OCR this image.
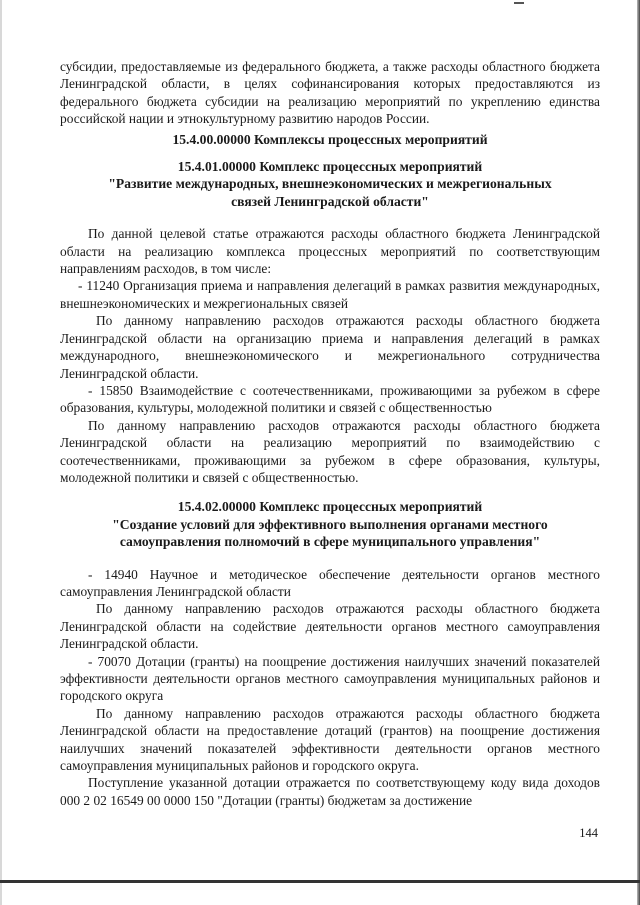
субсидии, предоставляемые из федерального бюджета, а также расходы областного бюджета Ленинградской области, в целях софинансирования которых предоставляются из федерального бюджета субсидии на реализацию мероприятий по укреплению единства российской нации и этнокультурному развитию народов России.

15.4.00.00000 Комплексы процессных мероприятий
15.4.01.00000 Комплекс процессных мероприятий
"Развитие международных, внешнеэкономических и межрегиональных
связей Ленинградской области"

По данной целевой статье отражаются расходы областного бюджета Ленинградской области на реализацию комплекса процессных мероприятий по соответствующим направлениям расходов, в том числе:

- 11240 Организация приема и направления делегаций в рамках развития международных, внешнеэкономических и межрегиональных связей

По данному направлению расходов отражаются расходы областного бюджета Ленинградской области на организацию приема и направления делегаций в рамках международного, внешнеэкономического и межрегионального сотрудничества Ленинградской области.

- 15850 Взаимодействие с соотечественниками, проживающими за рубежом в сфере образования, культуры, молодежной политики и связей с общественностью

По данному направлению расходов отражаются расходы областного бюджета Ленинградской области на реализацию мероприятий по взаимодействию с соотечественниками, проживающими за рубежом в сфере образования, культуры, молодежной политики и связей с общественностью.

15.4.02.00000 Комплекс процессных мероприятий
"Создание условий для эффективного выполнения органами местного
самоуправления полномочий в сфере муниципального управления"

- 14940 Научное и методическое обеспечение деятельности органов местного самоуправления Ленинградской области

По данному направлению расходов отражаются расходы областного бюджета Ленинградской области на содействие деятельности органов местного самоуправления Ленинградской области.

- 70070 Дотации (гранты) на поощрение достижения наилучших значений показателей эффективности деятельности органов местного самоуправления муниципальных районов и городского округа

По данному направлению расходов отражаются расходы областного бюджета Ленинградской области на предоставление дотаций (грантов) на поощрение достижения наилучших значений показателей эффективности деятельности органов местного самоуправления муниципальных районов и городского округа.

Поступление указанной дотации отражается по соответствующему коду вида доходов 000 2 02 16549 00 0000 150 "Дотации (гранты) бюджетам за достижение

144
